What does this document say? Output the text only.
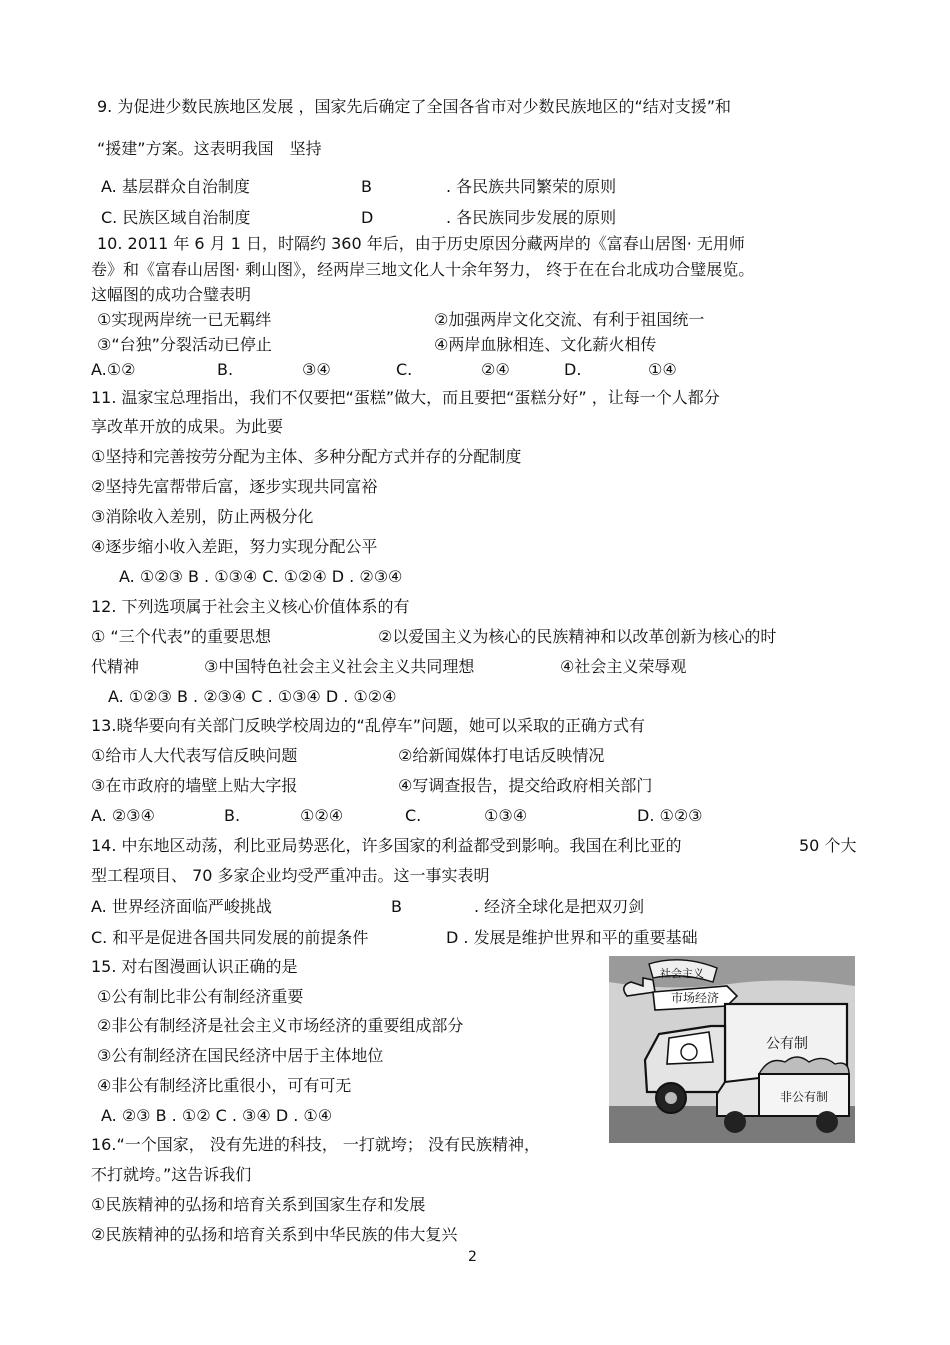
9. 为促进少数民族地区发展 ，国家先后确定了全国各省市对少数民族地区的“结对支援”和
“援建”方案。这表明我国　坚持
A. 基层群众自治制度	B	. 各民族共同繁荣的原则
C. 民族区域自治制度	D	. 各民族同步发展的原则
10. 2011 年 6 月 1 日，时隔约 360 年后，由于历史原因分藏两岸的《富春山居图· 无用师
卷》和《富春山居图· 剩山图》，经两岸三地文化人十余年努力， 终于在在台北成功合璧展览。
这幅图的成功合璧表明
①实现两岸统一已无羁绊	②加强两岸文化交流、有利于祖国统一
③“台独”分裂活动已停止	④两岸血脉相连、文化薪火相传
A.①②	B.	③④	C.	②④	D.	①④
11. 温家宝总理指出，我们不仅要把“蛋糕”做大，而且要把“蛋糕分好” ，让每一个人都分
享改革开放的成果。为此要
①坚持和完善按劳分配为主体、多种分配方式并存的分配制度
②坚持先富帮带后富，逐步实现共同富裕
③消除收入差别，防止两极分化
④逐步缩小收入差距，努力实现分配公平
A. ①②③ B . ①③④ C. ①②④ D . ②③④
12. 下列选项属于社会主义核心价值体系的有
① “三个代表”的重要思想	②以爱国主义为核心的民族精神和以改革创新为核心的时
代精神	③中国特色社会主义社会主义共同理想	④社会主义荣辱观
A. ①②③ B . ②③④ C . ①③④ D . ①②④
13.晓华要向有关部门反映学校周边的“乱停车”问题，她可以采取的正确方式有
①给市人大代表写信反映问题	②给新闻媒体打电话反映情况
③在市政府的墙壁上贴大字报	④写调查报告，提交给政府相关部门
A. ②③④	B.	①②④	C.	①③④	D. ①②③
14. 中东地区动荡，利比亚局势恶化，许多国家的利益都受到影响。我国在利比亚的	50 个大
型工程项目、 70 多家企业均受严重冲击。这一事实表明
A. 世界经济面临严峻挑战	B	. 经济全球化是把双刃剑
C. 和平是促进各国共同发展的前提条件	D . 发展是维护世界和平的重要基础
15. 对右图漫画认识正确的是
①公有制比非公有制经济重要
②非公有制经济是社会主义市场经济的重要组成部分
③公有制经济在国民经济中居于主体地位
④非公有制经济比重很小，可有可无
A. ②③ B . ①② C . ③④ D . ①④
社会主义
市场经济
公有制
非公有制
16.“一个国家， 没有先进的科技， 一打就垮； 没有民族精神，
不打就垮。”这告诉我们
①民族精神的弘扬和培育关系到国家生存和发展
②民族精神的弘扬和培育关系到中华民族的伟大复兴
2
